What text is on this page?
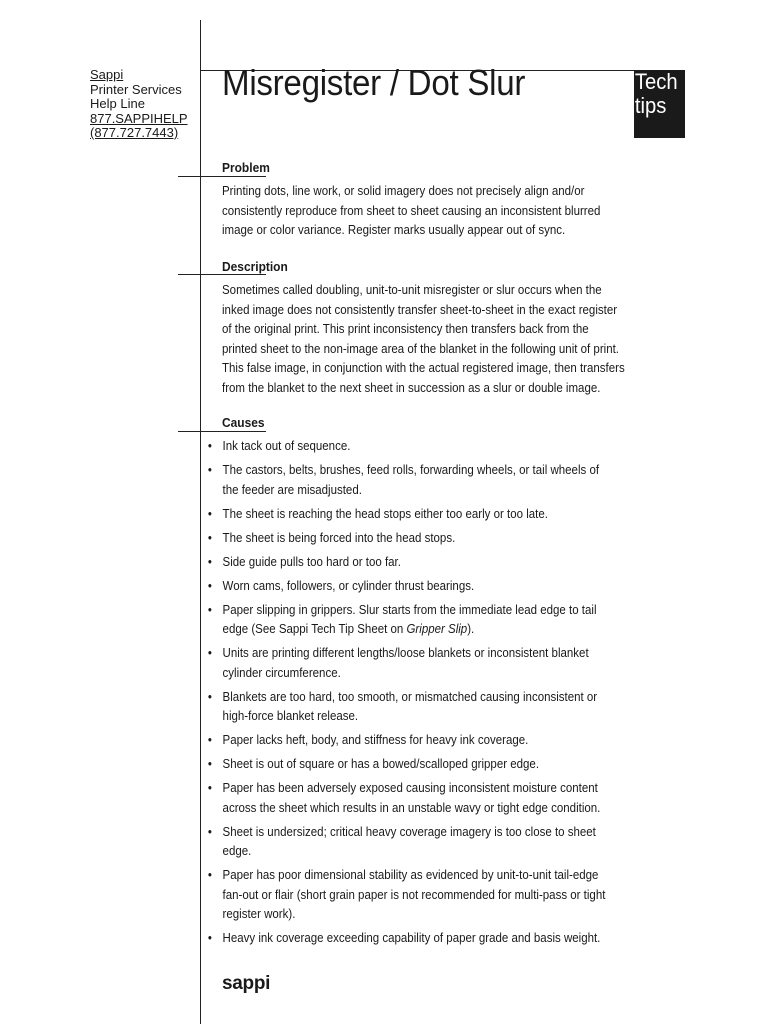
Sappi
Printer Services
Help Line
877.SAPPIHELP
(877.727.7443)
Misregister / Dot Slur	Tech
tips
Problem

Printing dots, line work, or solid imagery does not precisely align and/or consistently reproduce from sheet to sheet causing an inconsistent blurred image or color variance. Register marks usually appear out of sync.

Description

Sometimes called doubling, unit-to-unit misregister or slur occurs when the inked image does not consistently transfer sheet-to-sheet in the exact register of the original print. This print inconsistency then transfers back from the printed sheet to the non-image area of the blanket in the following unit of print. This false image, in conjunction with the actual registered image, then transfers from the blanket to the next sheet in succession as a slur or double image.

Causes
• Ink tack out of sequence.
• The castors, belts, brushes, feed rolls, forwarding wheels, or tail wheels of the feeder are misadjusted.
• The sheet is reaching the head stops either too early or too late.
• The sheet is being forced into the head stops.
• Side guide pulls too hard or too far.
• Worn cams, followers, or cylinder thrust bearings.
• Paper slipping in grippers. Slur starts from the immediate lead edge to tail edge (See Sappi Tech Tip Sheet on Gripper Slip).
• Units are printing different lengths/loose blankets or inconsistent blanket cylinder circumference.
• Blankets are too hard, too smooth, or mismatched causing inconsistent or high-force blanket release.
• Paper lacks heft, body, and stiffness for heavy ink coverage.
• Sheet is out of square or has a bowed/scalloped gripper edge.
• Paper has been adversely exposed causing inconsistent moisture content across the sheet which results in an unstable wavy or tight edge condition.
• Sheet is undersized; critical heavy coverage imagery is too close to sheet edge.
• Paper has poor dimensional stability as evidenced by unit-to-unit tail-edge fan-out or flair (short grain paper is not recommended for multi-pass or tight register work).
• Heavy ink coverage exceeding capability of paper grade and basis weight.
sappi
